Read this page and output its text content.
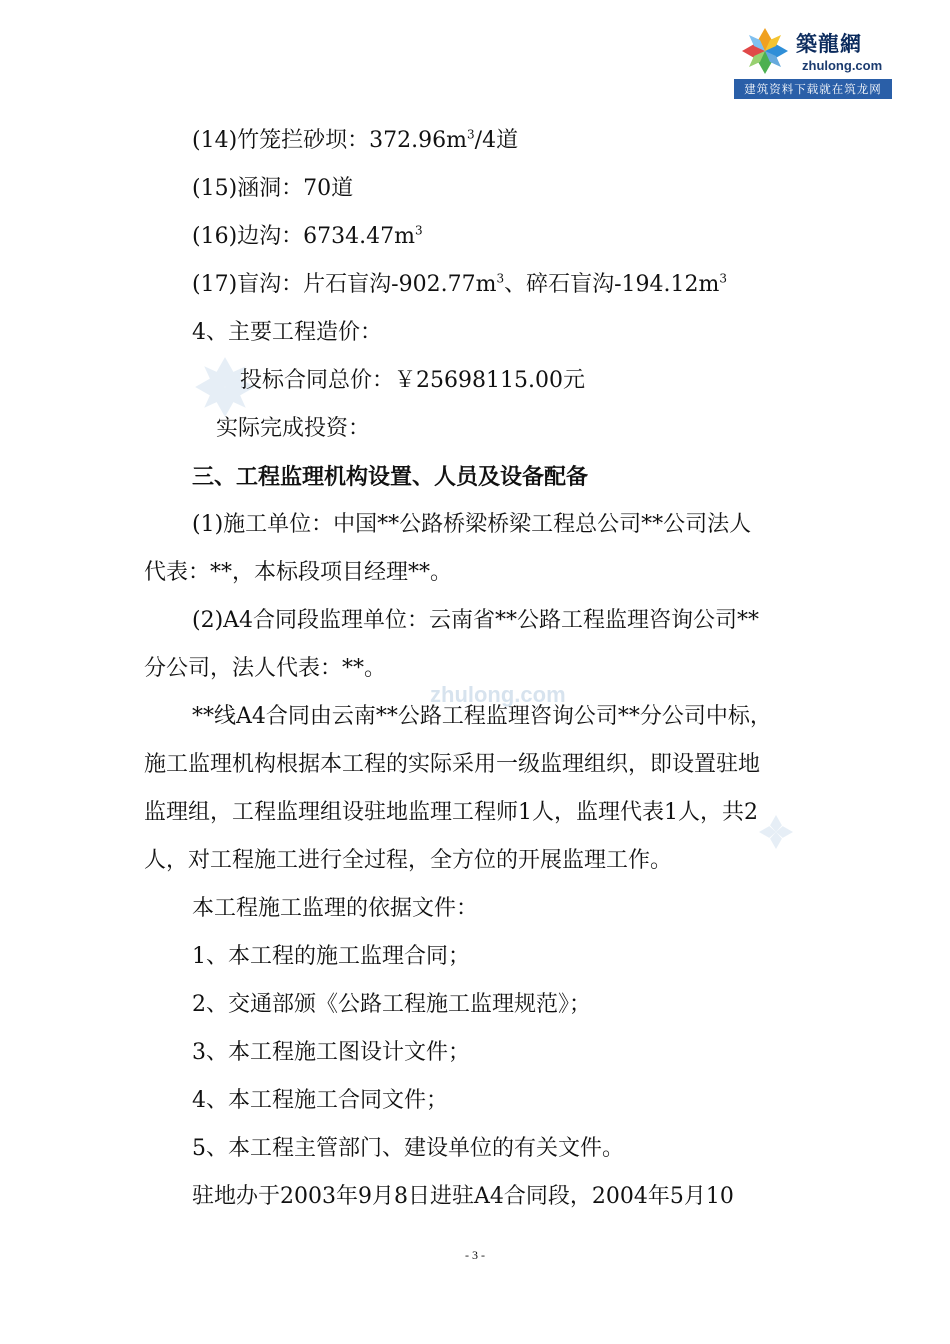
築龍網
zhulong.com
建筑资料下载就在筑龙网
zhulong.com
(14)竹笼拦砂坝：$372.96m^3/4$道
(15)涵洞：70道
(16)边沟：$6734.47m^3$
(17)盲沟：片石盲沟$-902.77m^3$、碎石盲沟$-194.12m^3$
4、主要工程造价：
投标合同总价：￥25698115.00元
实际完成投资：
三、工程监理机构设置、人员及设备配备
(1)施工单位：中国**公路桥梁桥梁工程总公司**公司法人
代表：**，本标段项目经理**。
(2)A4合同段监理单位：云南省**公路工程监理咨询公司**
分公司，法人代表：**。
**线A4合同由云南**公路工程监理咨询公司**分公司中标，
施工监理机构根据本工程的实际采用一级监理组织，即设置驻地
监理组，工程监理组设驻地监理工程师1人，监理代表1人，共2
人，对工程施工进行全过程，全方位的开展监理工作。
本工程施工监理的依据文件：
1、本工程的施工监理合同；
2、交通部颁《公路工程施工监理规范》；
3、本工程施工图设计文件；
4、本工程施工合同文件；
5、本工程主管部门、建设单位的有关文件。
驻地办于2003年9月8日进驻A4合同段，2004年5月10
- 3 -
